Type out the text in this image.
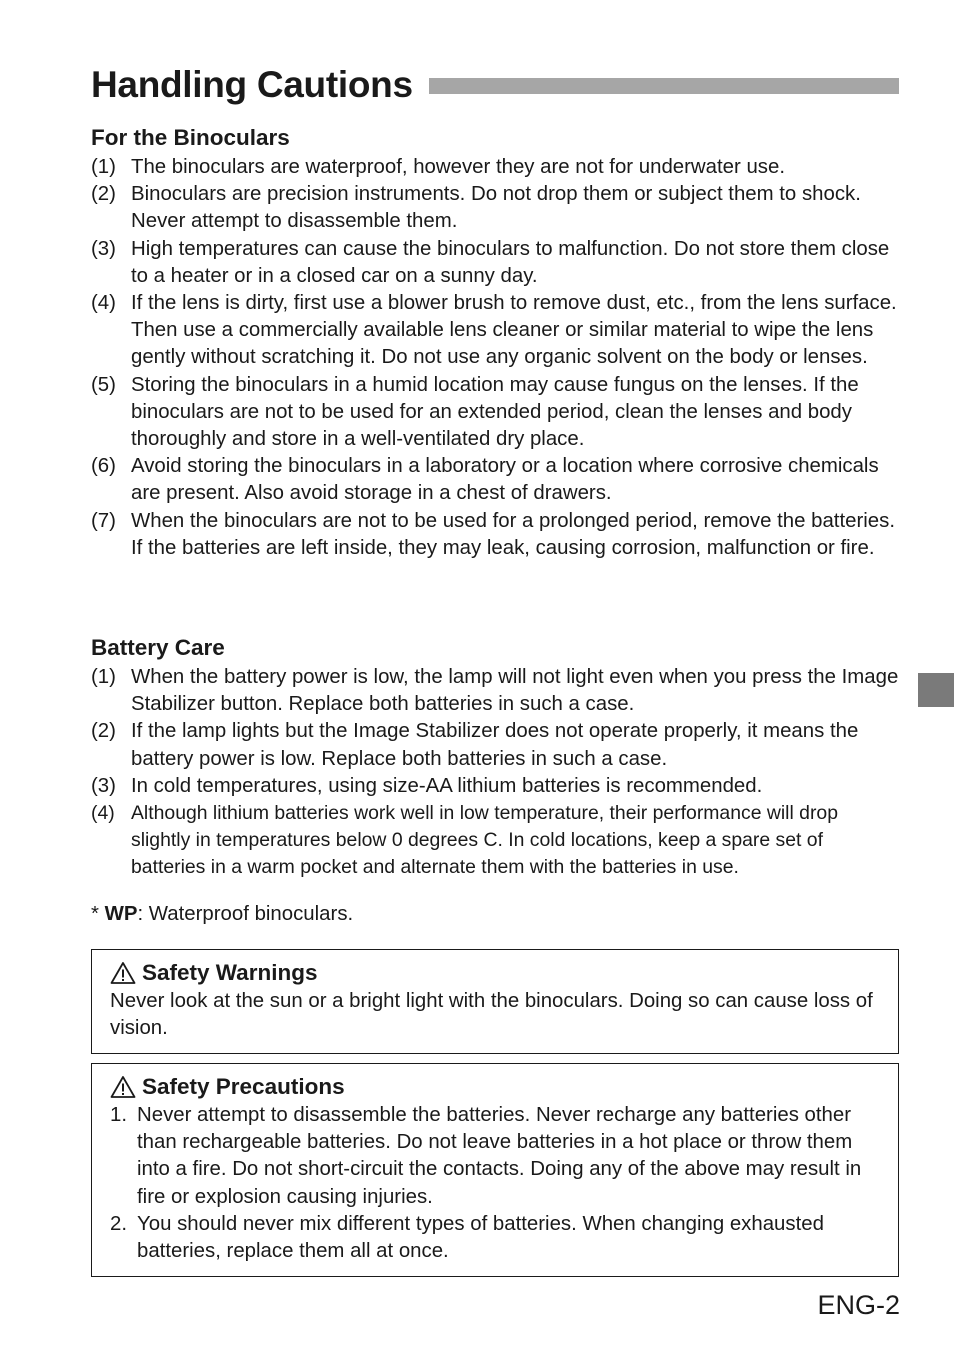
Handling Cautions
For the Binoculars
(1) The binoculars are waterproof, however they are not for underwater use.
(2) Binoculars are precision instruments. Do not drop them or subject them to shock. Never attempt to disassemble them.
(3) High temperatures can cause the binoculars to malfunction. Do not store them close to a heater or in a closed car on a sunny day.
(4) If the lens is dirty, first use a blower brush to remove dust, etc., from the lens surface. Then use a commercially available lens cleaner or similar material to wipe the lens gently without scratching it. Do not use any organic solvent on the body or lenses.
(5) Storing the binoculars in a humid location may cause fungus on the lenses. If the binoculars are not to be used for an extended period, clean the lenses and body thoroughly and store in a well-ventilated dry place.
(6) Avoid storing the binoculars in a laboratory or a location where corrosive chemicals are present. Also avoid storage in a chest of drawers.
(7) When the binoculars are not to be used for a prolonged period, remove the batteries. If the batteries are left inside, they may leak, causing corrosion, malfunction or fire.
Battery Care
(1) When the battery power is low, the lamp will not light even when you press the Image Stabilizer button. Replace both batteries in such a case.
(2) If the lamp lights but the Image Stabilizer does not operate properly, it means the battery power is low. Replace both batteries in such a case.
(3) In cold temperatures, using size-AA lithium batteries is recommended.
(4) Although lithium batteries work well in low temperature, their performance will drop slightly in temperatures below 0 degrees C. In cold locations, keep a spare set of batteries in a warm pocket and alternate them with the batteries in use.
* WP: Waterproof binoculars.
Safety Warnings
Never look at the sun or a bright light with the binoculars. Doing so can cause loss of vision.
Safety Precautions
1. Never attempt to disassemble the batteries. Never recharge any batteries other than rechargeable batteries. Do not leave batteries in a hot place or throw them into a fire. Do not short-circuit the contacts. Doing any of the above may result in fire or explosion causing injuries.
2. You should never mix different types of batteries. When changing exhausted batteries, replace them all at once.
ENG-2
